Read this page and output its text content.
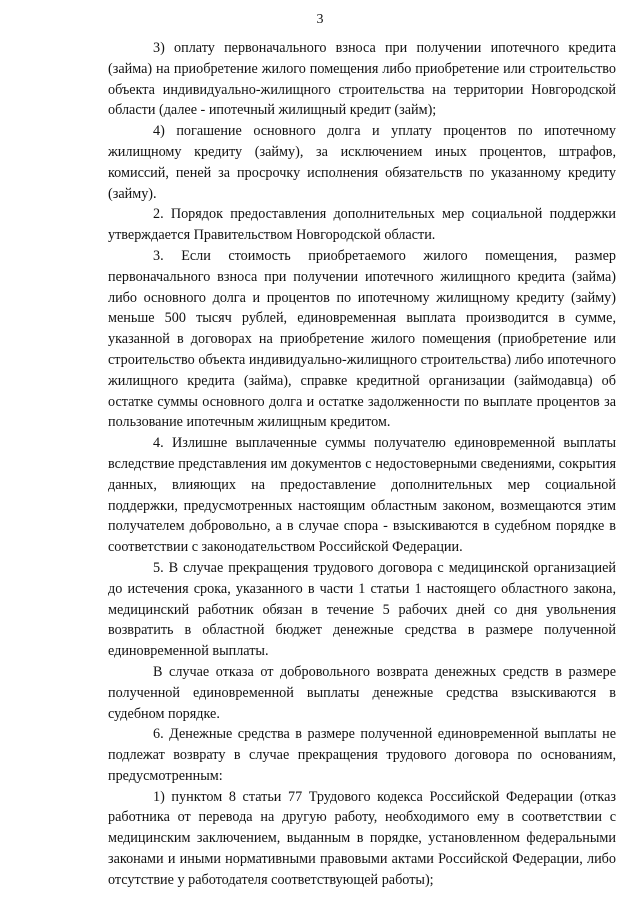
3

3) оплату первоначального взноса при получении ипотечного кредита (займа) на приобретение жилого помещения либо приобретение или строительство объекта индивидуально-жилищного строительства на территории Новгородской области (далее - ипотечный жилищный кредит (займ);

4) погашение основного долга и уплату процентов по ипотечному жилищному кредиту (займу), за исключением иных процентов, штрафов, комиссий, пеней за просрочку исполнения обязательств по указанному кредиту (займу).

2. Порядок предоставления дополнительных мер социальной поддержки утверждается Правительством Новгородской области.

3. Если стоимость приобретаемого жилого помещения, размер первоначального взноса при получении ипотечного жилищного кредита (займа) либо основного долга и процентов по ипотечному жилищному кредиту (займу) меньше 500 тысяч рублей, единовременная выплата производится в сумме, указанной в договорах на приобретение жилого помещения (приобретение или строительство объекта индивидуально-жилищного строительства) либо ипотечного жилищного кредита (займа), справке кредитной организации (займодавца) об остатке суммы основного долга и остатке задолженности по выплате процентов за пользование ипотечным жилищным кредитом.

4. Излишне выплаченные суммы получателю единовременной выплаты вследствие представления им документов с недостоверными сведениями, сокрытия данных, влияющих на предоставление дополнительных мер социальной поддержки, предусмотренных настоящим областным законом, возмещаются этим получателем добровольно, а в случае спора - взыскиваются в судебном порядке в соответствии с законодательством Российской Федерации.

5. В случае прекращения трудового договора с медицинской организацией до истечения срока, указанного в части 1 статьи 1 настоящего областного закона, медицинский работник обязан в течение 5 рабочих дней со дня увольнения возвратить в областной бюджет денежные средства в размере полученной единовременной выплаты.

В случае отказа от добровольного возврата денежных средств в размере полученной единовременной выплаты денежные средства взыскиваются в судебном порядке.

6. Денежные средства в размере полученной единовременной выплаты не подлежат возврату в случае прекращения трудового договора по основаниям, предусмотренным:

1) пунктом 8 статьи 77 Трудового кодекса Российской Федерации (отказ работника от перевода на другую работу, необходимого ему в соответствии с медицинским заключением, выданным в порядке, установленном федеральными законами и иными нормативными правовыми актами Российской Федерации, либо отсутствие у работодателя соответствующей работы);
